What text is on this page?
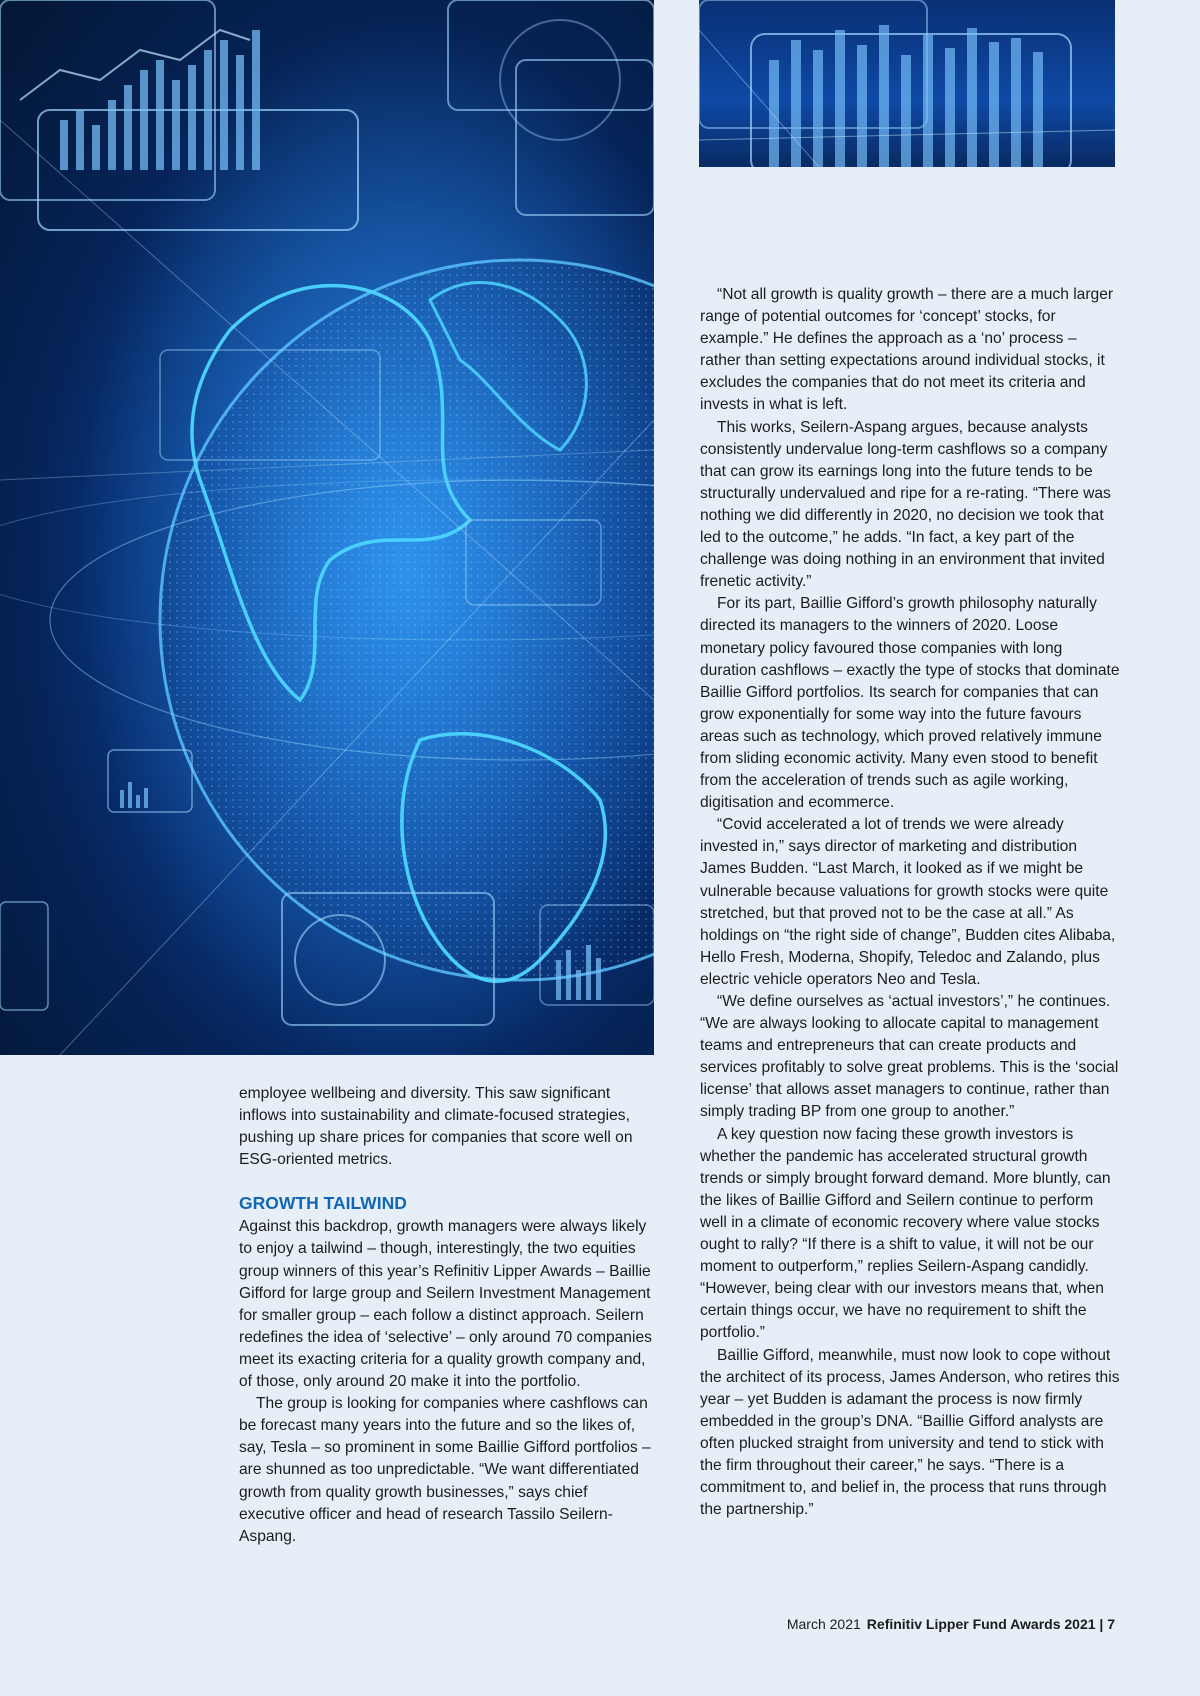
employee wellbeing and diversity. This saw significant inflows into sustainability and climate-focused strategies, pushing up share prices for companies that score well on ESG-oriented metrics.

GROWTH TAILWIND

Against this backdrop, growth managers were always likely to enjoy a tailwind – though, interestingly, the two equities group winners of this year’s Refinitiv Lipper Awards – Baillie Gifford for large group and Seilern Investment Management for smaller group – each follow a distinct approach. Seilern redefines the idea of ‘selective’ – only around 70 companies meet its exacting criteria for a quality growth company and, of those, only around 20 make it into the portfolio.

The group is looking for companies where cashflows can be forecast many years into the future and so the likes of, say, Tesla – so prominent in some Baillie Gifford portfolios – are shunned as too unpredictable. “We want differentiated growth from quality growth businesses,” says chief executive officer and head of research Tassilo Seilern-Aspang.

“Not all growth is quality growth – there are a much larger range of potential outcomes for ‘concept’ stocks, for example.” He defines the approach as a ‘no’ process – rather than setting expectations around individual stocks, it excludes the companies that do not meet its criteria and invests in what is left.

This works, Seilern-Aspang argues, because analysts consistently undervalue long-term cashflows so a company that can grow its earnings long into the future tends to be structurally undervalued and ripe for a re-rating. “There was nothing we did differently in 2020, no decision we took that led to the outcome,” he adds. “In fact, a key part of the challenge was doing nothing in an environment that invited frenetic activity.”

For its part, Baillie Gifford’s growth philosophy naturally directed its managers to the winners of 2020. Loose monetary policy favoured those companies with long duration cashflows – exactly the type of stocks that dominate Baillie Gifford portfolios. Its search for companies that can grow exponentially for some way into the future favours areas such as technology, which proved relatively immune from sliding economic activity. Many even stood to benefit from the acceleration of trends such as agile working, digitisation and ecommerce.

“Covid accelerated a lot of trends we were already invested in,” says director of marketing and distribution James Budden. “Last March, it looked as if we might be vulnerable because valuations for growth stocks were quite stretched, but that proved not to be the case at all.” As holdings on “the right side of change”, Budden cites Alibaba, Hello Fresh, Moderna, Shopify, Teledoc and Zalando, plus electric vehicle operators Neo and Tesla.

“We define ourselves as ‘actual investors’,” he continues. “We are always looking to allocate capital to management teams and entrepreneurs that can create products and services profitably to solve great problems. This is the ‘social license’ that allows asset managers to continue, rather than simply trading BP from one group to another.”

A key question now facing these growth investors is whether the pandemic has accelerated structural growth trends or simply brought forward demand. More bluntly, can the likes of Baillie Gifford and Seilern continue to perform well in a climate of economic recovery where value stocks ought to rally? “If there is a shift to value, it will not be our moment to outperform,” replies Seilern-Aspang candidly. “However, being clear with our investors means that, when certain things occur, we have no requirement to shift the portfolio.”

Baillie Gifford, meanwhile, must now look to cope without the architect of its process, James Anderson, who retires this year – yet Budden is adamant the process is now firmly embedded in the group’s DNA. “Baillie Gifford analysts are often plucked straight from university and tend to stick with the firm throughout their career,” he says. “There is a commitment to, and belief in, the process that runs through the partnership.”

March 2021 Refinitiv Lipper Fund Awards 2021 | 7
